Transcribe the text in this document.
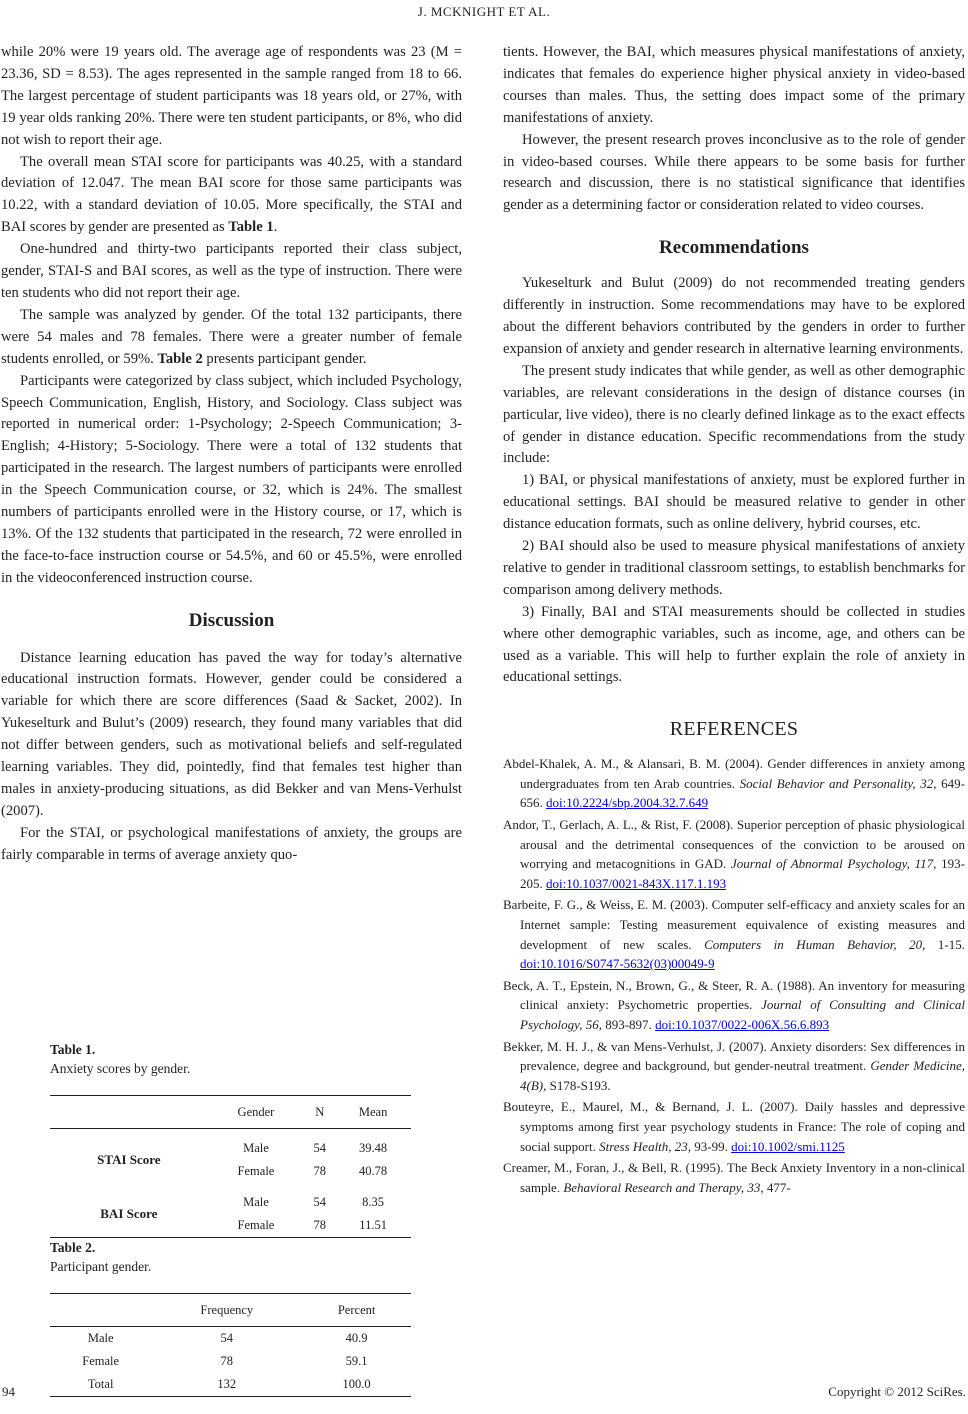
J. MCKNIGHT ET AL.

while 20% were 19 years old. The average age of respondents was 23 (M = 23.36, SD = 8.53). The ages represented in the sample ranged from 18 to 66. The largest percentage of student participants was 18 years old, or 27%, with 19 year olds ranking 20%. There were ten student participants, or 8%, who did not wish to report their age.

The overall mean STAI score for participants was 40.25, with a standard deviation of 12.047. The mean BAI score for those same participants was 10.22, with a standard deviation of 10.05. More specifically, the STAI and BAI scores by gender are presented as Table 1.

One-hundred and thirty-two participants reported their class subject, gender, STAI-S and BAI scores, as well as the type of instruction. There were ten students who did not report their age.

The sample was analyzed by gender. Of the total 132 participants, there were 54 males and 78 females. There were a greater number of female students enrolled, or 59%. Table 2 presents participant gender.

Participants were categorized by class subject, which included Psychology, Speech Communication, English, History, and Sociology. Class subject was reported in numerical order: 1-Psychology; 2-Speech Communication; 3-English; 4-History; 5-Sociology. There were a total of 132 students that participated in the research. The largest numbers of participants were enrolled in the Speech Communication course, or 32, which is 24%. The smallest numbers of participants enrolled were in the History course, or 17, which is 13%. Of the 132 students that participated in the research, 72 were enrolled in the face-to-face instruction course or 54.5%, and 60 or 45.5%, were enrolled in the videoconferenced instruction course.

Discussion

Distance learning education has paved the way for today’s alternative educational instruction formats. However, gender could be considered a variable for which there are score differences (Saad & Sacket, 2002). In Yukeselturk and Bulut’s (2009) research, they found many variables that did not differ between genders, such as motivational beliefs and self-regulated learning variables. They did, pointedly, find that females test higher than males in anxiety-producing situations, as did Bekker and van Mens-Verhulst (2007).

For the STAI, or psychological manifestations of anxiety, the groups are fairly comparable in terms of average anxiety quo-

Table 1.
Anxiety scores by gender.
	Gender	N	Mean

STAI Score	Male	54	39.48
	Female	78	40.78

BAI Score	Male	54	8.35
	Female	78	11.51
Table 2.
Participant gender.
	Frequency	Percent
Male	54	40.9
Female	78	59.1
Total	132	100.0

tients. However, the BAI, which measures physical manifestations of anxiety, indicates that females do experience higher physical anxiety in video-based courses than males. Thus, the setting does impact some of the primary manifestations of anxiety.

However, the present research proves inconclusive as to the role of gender in video-based courses. While there appears to be some basis for further research and discussion, there is no statistical significance that identifies gender as a determining factor or consideration related to video courses.

Recommendations

Yukeselturk and Bulut (2009) do not recommended treating genders differently in instruction. Some recommendations may have to be explored about the different behaviors contributed by the genders in order to further expansion of anxiety and gender research in alternative learning environments.

The present study indicates that while gender, as well as other demographic variables, are relevant considerations in the design of distance courses (in particular, live video), there is no clearly defined linkage as to the exact effects of gender in distance education. Specific recommendations from the study include:

1) BAI, or physical manifestations of anxiety, must be explored further in educational settings. BAI should be measured relative to gender in other distance education formats, such as online delivery, hybrid courses, etc.

2) BAI should also be used to measure physical manifestations of anxiety relative to gender in traditional classroom settings, to establish benchmarks for comparison among delivery methods.

3) Finally, BAI and STAI measurements should be collected in studies where other demographic variables, such as income, age, and others can be used as a variable. This will help to further explain the role of anxiety in educational settings.

REFERENCES
Abdel-Khalek, A. M., & Alansari, B. M. (2004). Gender differences in anxiety among undergraduates from ten Arab countries. Social Behavior and Personality, 32, 649-656. doi:10.2224/sbp.2004.32.7.649
Andor, T., Gerlach, A. L., & Rist, F. (2008). Superior perception of phasic physiological arousal and the detrimental consequences of the conviction to be aroused on worrying and metacognitions in GAD. Journal of Abnormal Psychology, 117, 193-205. doi:10.1037/0021-843X.117.1.193
Barbeite, F. G., & Weiss, E. M. (2003). Computer self-efficacy and anxiety scales for an Internet sample: Testing measurement equivalence of existing measures and development of new scales. Computers in Human Behavior, 20, 1-15. doi:10.1016/S0747-5632(03)00049-9
Beck, A. T., Epstein, N., Brown, G., & Steer, R. A. (1988). An inventory for measuring clinical anxiety: Psychometric properties. Journal of Consulting and Clinical Psychology, 56, 893-897. doi:10.1037/0022-006X.56.6.893
Bekker, M. H. J., & van Mens-Verhulst, J. (2007). Anxiety disorders: Sex differences in prevalence, degree and background, but gender-neutral treatment. Gender Medicine, 4(B), S178-S193.
Bouteyre, E., Maurel, M., & Bernand, J. L. (2007). Daily hassles and depressive symptoms among first year psychology students in France: The role of coping and social support. Stress Health, 23, 93-99. doi:10.1002/smi.1125
Creamer, M., Foran, J., & Bell, R. (1995). The Beck Anxiety Inventory in a non-clinical sample. Behavioral Research and Therapy, 33, 477-
94	Copyright © 2012 SciRes.
